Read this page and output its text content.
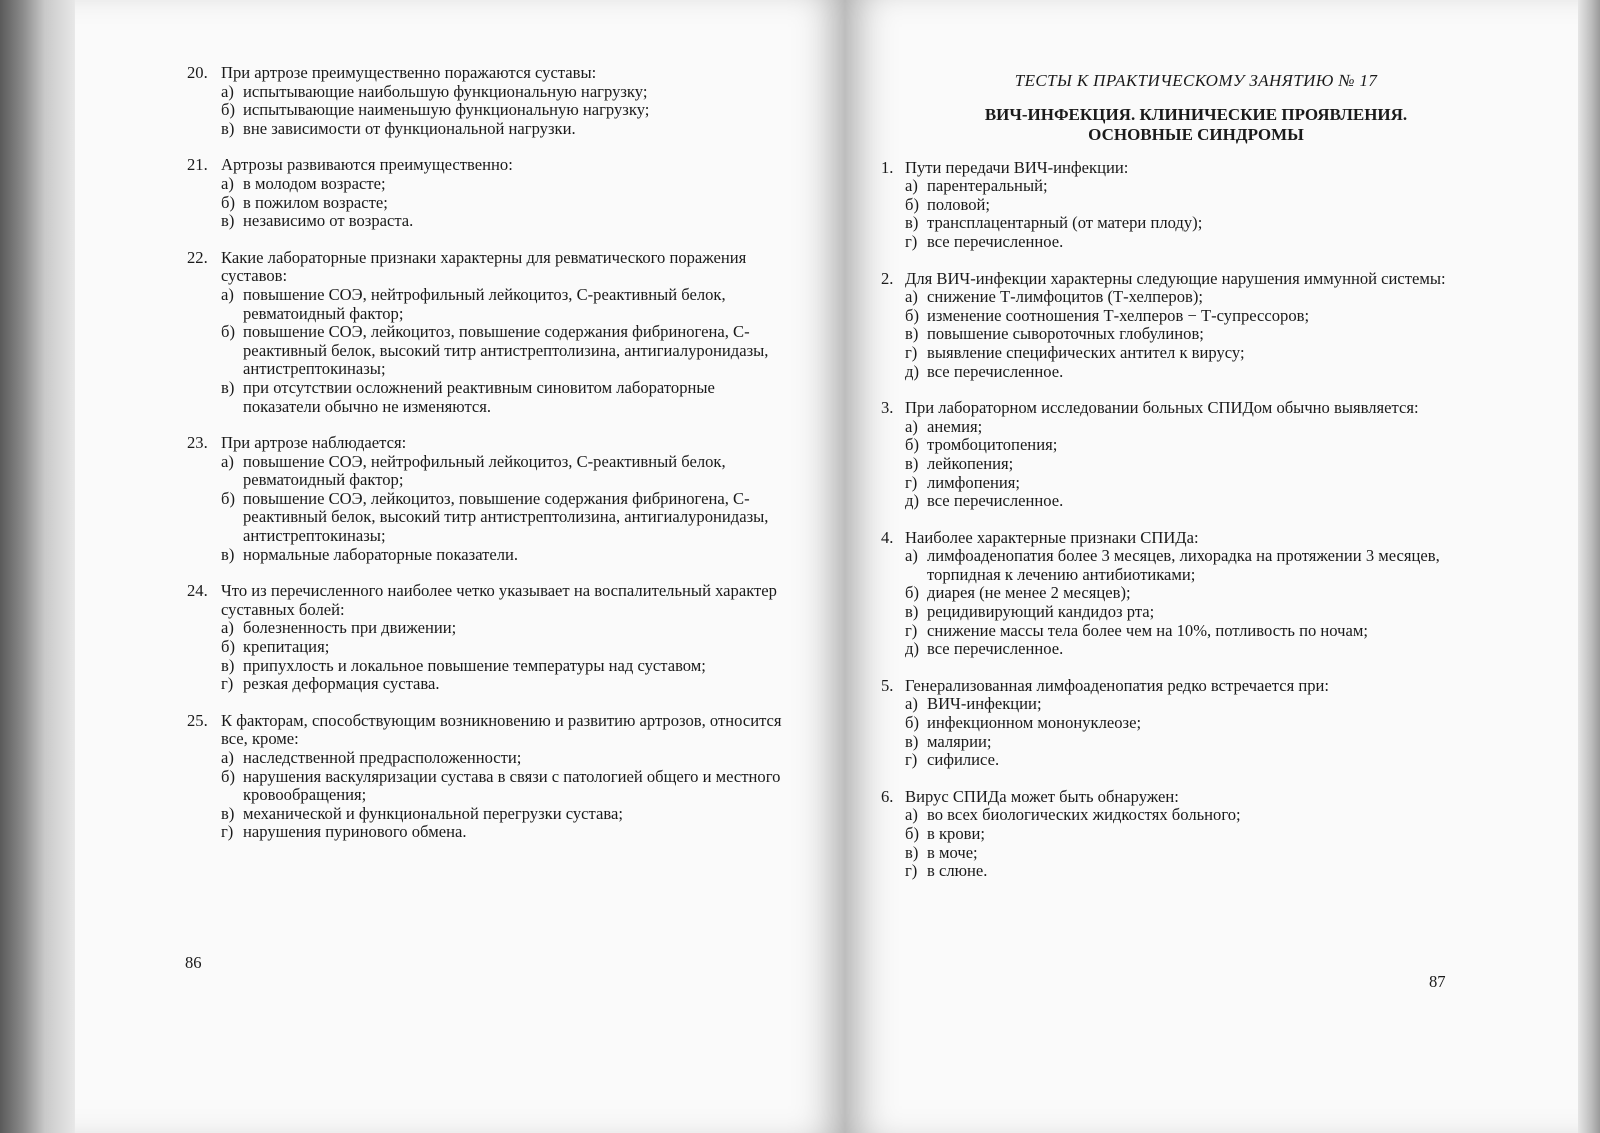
20. При артрозе преимущественно поражаются суставы:
а) испытывающие наибольшую функциональную нагрузку;
б) испытывающие наименьшую функциональную нагрузку;
в) вне зависимости от функциональной нагрузки.
21. Артрозы развиваются преимущественно:
а) в молодом возрасте;
б) в пожилом возрасте;
в) независимо от возраста.
22. Какие лабораторные признаки характерны для ревматического поражения суставов:
а) повышение СОЭ, нейтрофильный лейкоцитоз, С-реактивный белок, ревматоидный фактор;
б) повышение СОЭ, лейкоцитоз, повышение содержания фибриногена, С-реактивный белок, высокий титр антистрептолизина, антигиалуронидазы, антистрептокиназы;
в) при отсутствии осложнений реактивным синовитом лабораторные показатели обычно не изменяются.
23. При артрозе наблюдается:
а) повышение СОЭ, нейтрофильный лейкоцитоз, С-реактивный белок, ревматоидный фактор;
б) повышение СОЭ, лейкоцитоз, повышение содержания фибриногена, С-реактивный белок, высокий титр антистрептолизина, антигиалуронидазы, антистрептокиназы;
в) нормальные лабораторные показатели.
24. Что из перечисленного наиболее четко указывает на воспалительный характер суставных болей:
а) болезненность при движении;
б) крепитация;
в) припухлость и локальное повышение температуры над суставом;
г) резкая деформация сустава.
25. К факторам, способствующим возникновению и развитию артрозов, относится все, кроме:
а) наследственной предрасположенности;
б) нарушения васкуляризации сустава в связи с патологией общего и местного кровообращения;
в) механической и функциональной перегрузки сустава;
г) нарушения пуринового обмена.
86
ТЕСТЫ К ПРАКТИЧЕСКОМУ ЗАНЯТИЮ № 17
ВИЧ-ИНФЕКЦИЯ. КЛИНИЧЕСКИЕ ПРОЯВЛЕНИЯ.
ОСНОВНЫЕ СИНДРОМЫ
1. Пути передачи ВИЧ-инфекции:
а) парентеральный;
б) половой;
в) трансплацентарный (от матери плоду);
г) все перечисленное.
2. Для ВИЧ-инфекции характерны следующие нарушения иммунной системы:
а) снижение Т-лимфоцитов (Т-хелперов);
б) изменение соотношения Т-хелперов − Т-супрессоров;
в) повышение сывороточных глобулинов;
г) выявление специфических антител к вирусу;
д) все перечисленное.
3. При лабораторном исследовании больных СПИДом обычно выявляется:
а) анемия;
б) тромбоцитопения;
в) лейкопения;
г) лимфопения;
д) все перечисленное.
4. Наиболее характерные признаки СПИДа:
а) лимфоаденопатия более 3 месяцев, лихорадка на протяжении 3 месяцев, торпидная к лечению антибиотиками;
б) диарея (не менее 2 месяцев);
в) рецидивирующий кандидоз рта;
г) снижение массы тела более чем на 10%, потливость по ночам;
д) все перечисленное.
5. Генерализованная лимфоаденопатия редко встречается при:
а) ВИЧ-инфекции;
б) инфекционном мононуклеозе;
в) малярии;
г) сифилисе.
6. Вирус СПИДа может быть обнаружен:
а) во всех биологических жидкостях больного;
б) в крови;
в) в моче;
г) в слюне.
87
